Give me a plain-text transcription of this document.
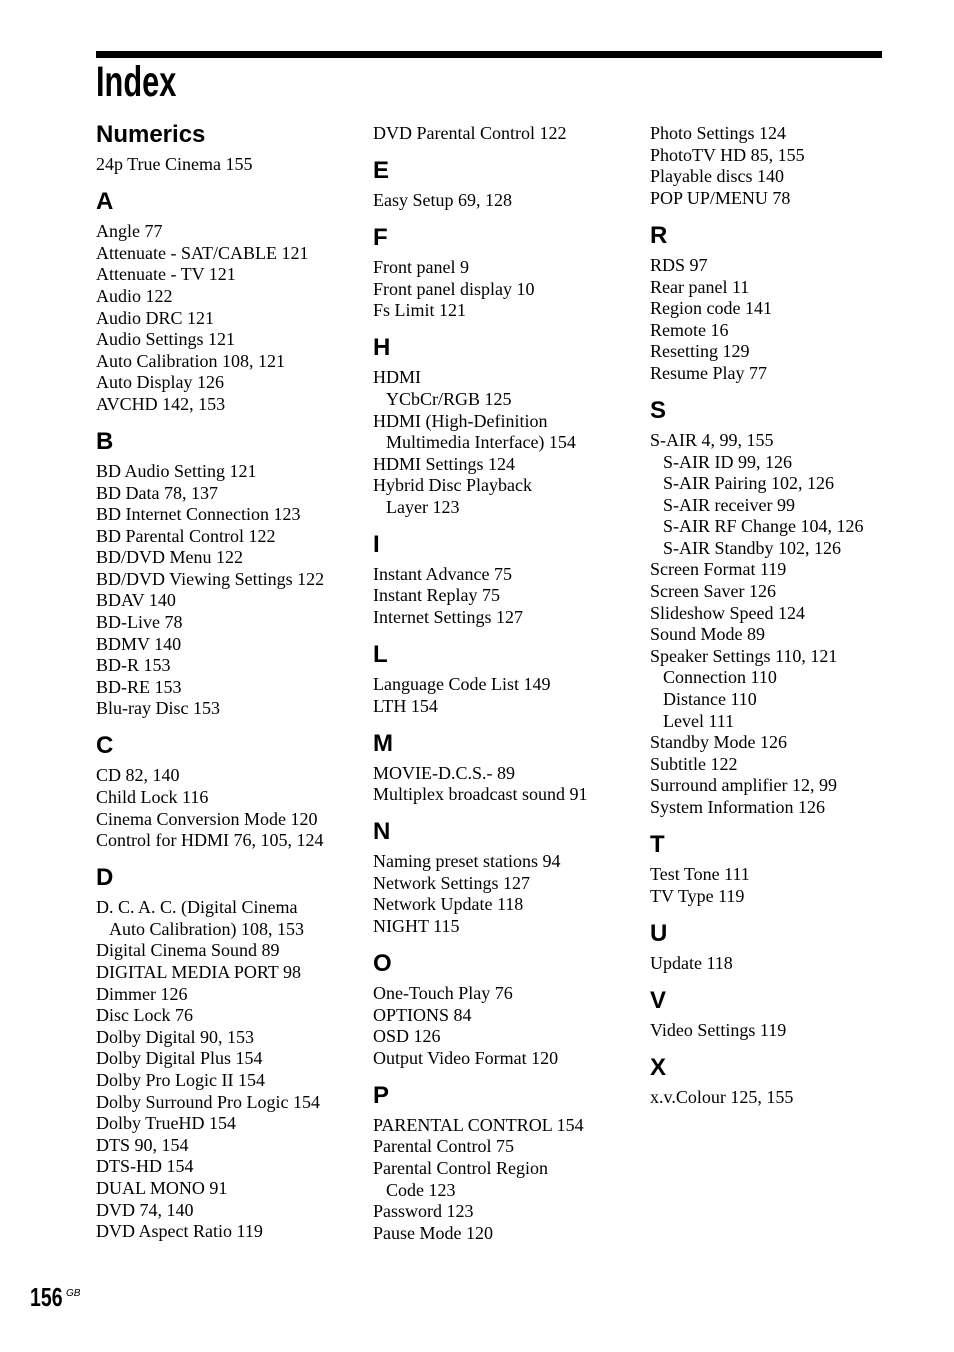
Index
Numerics
24p True Cinema 155
A
Angle 77
Attenuate - SAT/CABLE 121
Attenuate - TV 121
Audio 122
Audio DRC 121
Audio Settings 121
Auto Calibration 108, 121
Auto Display 126
AVCHD 142, 153
B
BD Audio Setting 121
BD Data 78, 137
BD Internet Connection 123
BD Parental Control 122
BD/DVD Menu 122
BD/DVD Viewing Settings 122
BDAV 140
BD-Live 78
BDMV 140
BD-R 153
BD-RE 153
Blu-ray Disc 153
C
CD 82, 140
Child Lock 116
Cinema Conversion Mode 120
Control for HDMI 76, 105, 124
D
D. C. A. C. (Digital Cinema
Auto Calibration) 108, 153
Digital Cinema Sound 89
DIGITAL MEDIA PORT 98
Dimmer 126
Disc Lock 76
Dolby Digital 90, 153
Dolby Digital Plus 154
Dolby Pro Logic II 154
Dolby Surround Pro Logic 154
Dolby TrueHD 154
DTS 90, 154
DTS-HD 154
DUAL MONO 91
DVD 74, 140
DVD Aspect Ratio 119
DVD Parental Control 122
E
Easy Setup 69, 128
F
Front panel 9
Front panel display 10
Fs Limit 121
H
HDMI
YCbCr/RGB 125
HDMI (High-Definition
Multimedia Interface) 154
HDMI Settings 124
Hybrid Disc Playback
Layer 123
I
Instant Advance 75
Instant Replay 75
Internet Settings 127
L
Language Code List 149
LTH 154
M
MOVIE-D.C.S.- 89
Multiplex broadcast sound 91
N
Naming preset stations 94
Network Settings 127
Network Update 118
NIGHT 115
O
One-Touch Play 76
OPTIONS 84
OSD 126
Output Video Format 120
P
PARENTAL CONTROL 154
Parental Control 75
Parental Control Region
Code 123
Password 123
Pause Mode 120
Photo Settings 124
PhotoTV HD 85, 155
Playable discs 140
POP UP/MENU 78
R
RDS 97
Rear panel 11
Region code 141
Remote 16
Resetting 129
Resume Play 77
S
S-AIR 4, 99, 155
S-AIR ID 99, 126
S-AIR Pairing 102, 126
S-AIR receiver 99
S-AIR RF Change 104, 126
S-AIR Standby 102, 126
Screen Format 119
Screen Saver 126
Slideshow Speed 124
Sound Mode 89
Speaker Settings 110, 121
Connection 110
Distance 110
Level 111
Standby Mode 126
Subtitle 122
Surround amplifier 12, 99
System Information 126
T
Test Tone 111
TV Type 119
U
Update 118
V
Video Settings 119
X
x.v.Colour 125, 155
156 GB
